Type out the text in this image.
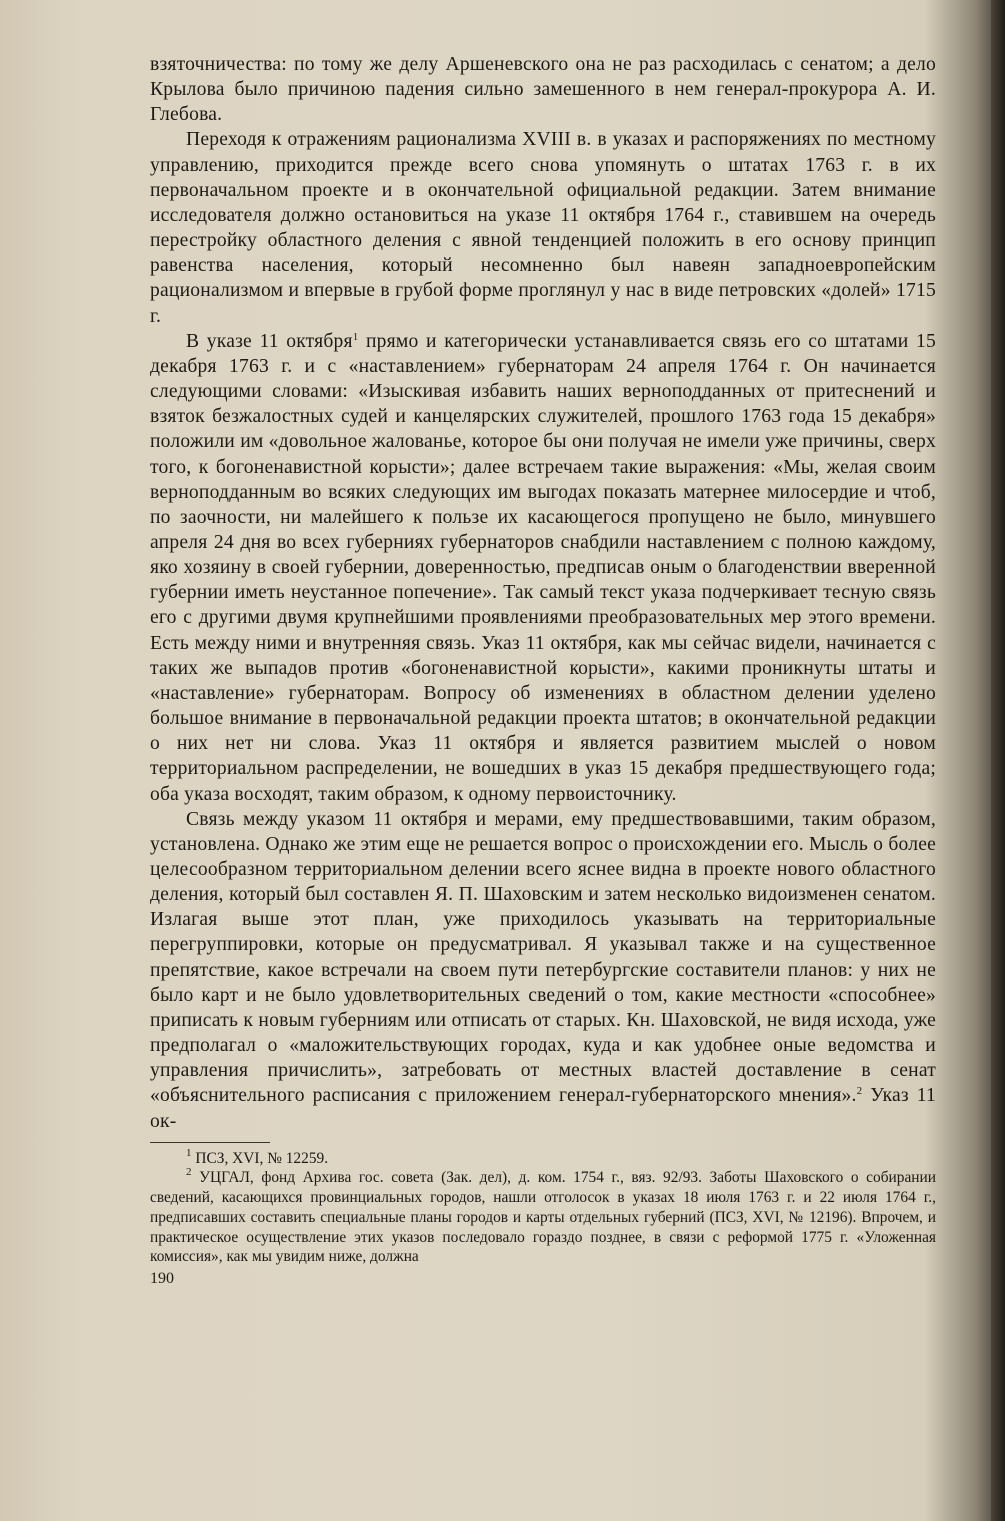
взяточничества: по тому же делу Аршеневского она не раз расходилась с сенатом; а дело Крылова было причиною падения сильно замешенного в нем генерал-прокурора А. И. Глебова.

Переходя к отражениям рационализма XVIII в. в указах и распоряжениях по местному управлению, приходится прежде всего снова упомянуть о штатах 1763 г. в их первоначальном проекте и в окончательной официальной редакции. Затем внимание исследователя должно остановиться на указе 11 октября 1764 г., ставившем на очередь перестройку областного деления с явной тенденцией положить в его основу принцип равенства населения, который несомненно был навеян западноевропейским рационализмом и впервые в грубой форме проглянул у нас в виде петровских «долей» 1715 г.

В указе 11 октября$^1$ прямо и категорически устанавливается связь его со штатами 15 декабря 1763 г. и с «наставлением» губернаторам 24 апреля 1764 г. Он начинается следующими словами: «Изыскивая избавить наших верноподданных от притеснений и взяток безжалостных судей и канцелярских служителей, прошлого 1763 года 15 декабря» положили им «довольное жалованье, которое бы они получая не имели уже причины, сверх того, к богоненавистной корысти»; далее встречаем такие выражения: «Мы, желая своим верноподданным во всяких следующих им выгодах показать матернее милосердие и чтоб, по заочности, ни малейшего к пользе их касающегося пропущено не было, минувшего апреля 24 дня во всех губерниях губернаторов снабдили наставлением с полною каждому, яко хозяину в своей губернии, доверенностью, предписав оным о благоденствии вверенной губернии иметь неустанное попечение». Так самый текст указа подчеркивает тесную связь его с другими двумя крупнейшими проявлениями преобразовательных мер этого времени. Есть между ними и внутренняя связь. Указ 11 октября, как мы сейчас видели, начинается с таких же выпадов против «богоненавистной корысти», какими проникнуты штаты и «наставление» губернаторам. Вопросу об изменениях в областном делении уделено большое внимание в первоначальной редакции проекта штатов; в окончательной редакции о них нет ни слова. Указ 11 октября и является развитием мыслей о новом территориальном распределении, не вошедших в указ 15 декабря предшествующего года; оба указа восходят, таким образом, к одному первоисточнику.

Связь между указом 11 октября и мерами, ему предшествовавшими, таким образом, установлена. Однако же этим еще не решается вопрос о происхождении его. Мысль о более целесообразном территориальном делении всего яснее видна в проекте нового областного деления, который был составлен Я. П. Шаховским и затем несколько видоизменен сенатом. Излагая выше этот план, уже приходилось указывать на территориальные перегруппировки, которые он предусматривал. Я указывал также и на существенное препятствие, какое встречали на своем пути петербургские составители планов: у них не было карт и не было удовлетворительных сведений о том, какие местности «способнее» приписать к новым губерниям или отписать от старых. Кн. Шаховской, не видя исхода, уже предполагал о «маложительствующих городах, куда и как удобнее оные ведомства и управления причислить», затребовать от местных властей доставление в сенат «объяснительного расписания с приложением генерал-губернаторского мнения».$^2$ Указ 11 ок-

$^1$ ПСЗ, XVI, № 12259.

$^2$ УЦГАЛ, фонд Архива гос. совета (Зак. дел), д. ком. 1754 г., вяз. 92/93. Заботы Шаховского о собирании сведений, касающихся провинциальных городов, нашли отголосок в указах 18 июля 1763 г. и 22 июля 1764 г., предписавших составить специальные планы городов и карты отдельных губерний (ПСЗ, XVI, № 12196). Впрочем, и практическое осуществление этих указов последовало гораздо позднее, в связи с реформой 1775 г. «Уложенная комиссия», как мы увидим ниже, должна

190
